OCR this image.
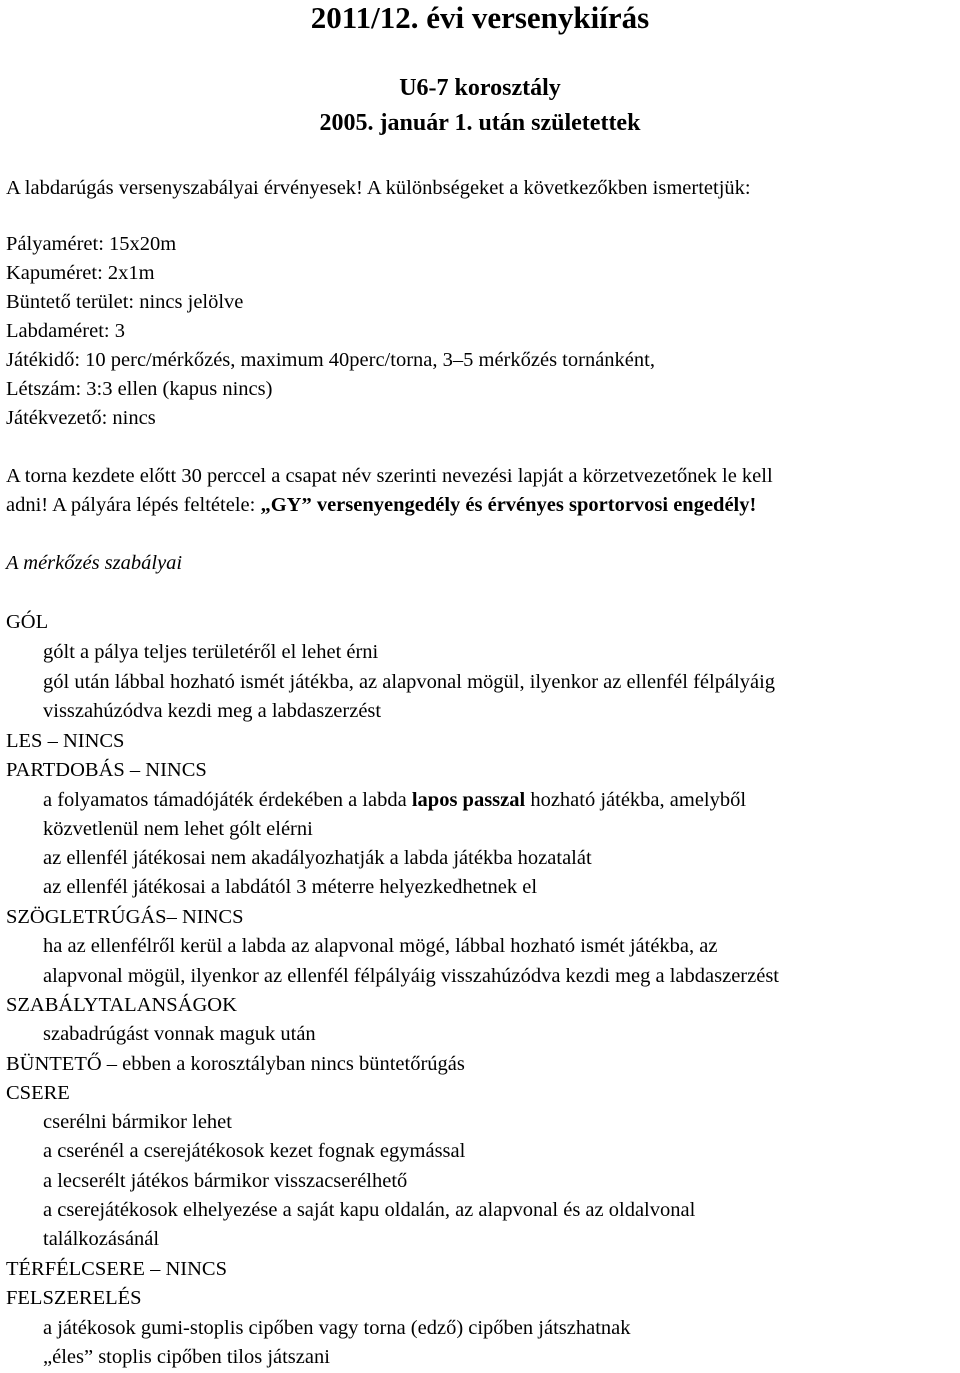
2011/12. évi versenykiírás
U6-7 korosztály
2005. január 1. után születettek
A labdarúgás versenyszabályai érvényesek! A különbségeket a következőkben ismertetjük:
Pályaméret: 15x20m
Kapuméret: 2x1m
Büntető terület: nincs jelölve
Labdaméret: 3
Játékidő: 10 perc/mérkőzés, maximum 40perc/torna, 3–5 mérkőzés tornánként,
Létszám: 3:3 ellen (kapus nincs)
Játékvezető: nincs
A torna kezdete előtt 30 perccel a csapat név szerinti nevezési lapját a körzetvezetőnek le kell
adni! A pályára lépés feltétele: „GY” versenyengedély és érvényes sportorvosi engedély!
A mérkőzés szabályai
GÓL
gólt a pálya teljes területéről el lehet érni
gól után lábbal hozható ismét játékba, az alapvonal mögül, ilyenkor az ellenfél félpályáig
visszahúzódva kezdi meg a labdaszerzést
LES – NINCS
PARTDOBÁS – NINCS
a folyamatos támadójáték érdekében a labda lapos passzal hozható játékba, amelyből
közvetlenül nem lehet gólt elérni
az ellenfél játékosai nem akadályozhatják a labda játékba hozatalát
az ellenfél játékosai a labdától 3 méterre helyezkedhetnek el
SZÖGLETRÚGÁS– NINCS
ha az ellenfélről kerül a labda az alapvonal mögé, lábbal hozható ismét játékba, az
alapvonal mögül, ilyenkor az ellenfél félpályáig visszahúzódva kezdi meg a labdaszerzést
SZABÁLYTALANSÁGOK
szabadrúgást vonnak maguk után
BÜNTETŐ – ebben a korosztályban nincs büntetőrúgás
CSERE
cserélni bármikor lehet
a cserénél a cserejátékosok kezet fognak egymással
a lecserélt játékos bármikor visszacserélhető
a cserejátékosok elhelyezése a saját kapu oldalán, az alapvonal és az oldalvonal
találkozásánál
TÉRFÉLCSERE – NINCS
FELSZERELÉS
a játékosok gumi-stoplis cipőben vagy torna (edző) cipőben játszhatnak
„éles” stoplis cipőben tilos játszani
